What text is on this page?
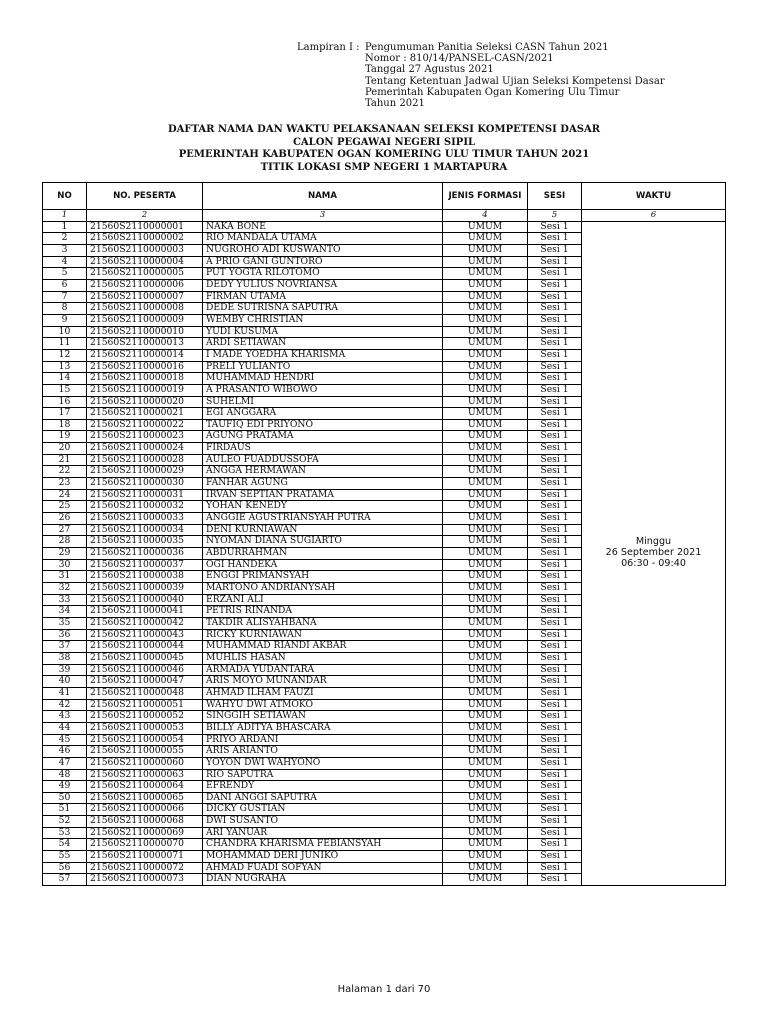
Lampiran I : Pengumuman Panitia Seleksi CASN Tahun 2021
Nomor : 810/14/PANSEL-CASN/2021
Tanggal 27 Agustus 2021
Tentang Ketentuan Jadwal Ujian Seleksi Kompetensi Dasar
Pemerintah Kabupaten Ogan Komering Ulu Timur
Tahun 2021
DAFTAR NAMA DAN WAKTU PELAKSANAAN SELEKSI KOMPETENSI DASAR
CALON PEGAWAI NEGERI SIPIL
PEMERINTAH KABUPATEN OGAN KOMERING ULU TIMUR TAHUN 2021
TITIK LOKASI SMP NEGERI 1 MARTAPURA
NO	NO. PESERTA	NAMA	JENIS FORMASI	SESI	WAKTU
1	2	3	4	5	6
1	21560S2110000001	NAKA BONE	UMUM	Sesi 1	Minggu
26 September 2021
06:30 - 09:40

2	21560S2110000002	RIO MANDALA UTAMA	UMUM	Sesi 1	
3	21560S2110000003	NUGROHO ADI KUSWANTO	UMUM	Sesi 1	
4	21560S2110000004	A PRIO GANI GUNTORO	UMUM	Sesi 1	
5	21560S2110000005	PUT YOGTA RILOTOMO	UMUM	Sesi 1	
6	21560S2110000006	DEDY YULIUS NOVRIANSA	UMUM	Sesi 1	
7	21560S2110000007	FIRMAN UTAMA	UMUM	Sesi 1	
8	21560S2110000008	DEDE SUTRISNA SAPUTRA	UMUM	Sesi 1	
9	21560S2110000009	WEMBY CHRISTIAN	UMUM	Sesi 1	
10	21560S2110000010	YUDI KUSUMA	UMUM	Sesi 1	
11	21560S2110000013	ARDI SETIAWAN	UMUM	Sesi 1	
12	21560S2110000014	I MADE YOEDHA KHARISMA	UMUM	Sesi 1	
13	21560S2110000016	PRELI YULIANTO	UMUM	Sesi 1	
14	21560S2110000018	MUHAMMAD HENDRI	UMUM	Sesi 1	
15	21560S2110000019	A PRASANTO WIBOWO	UMUM	Sesi 1	
16	21560S2110000020	SUHELMI	UMUM	Sesi 1	
17	21560S2110000021	EGI ANGGARA	UMUM	Sesi 1	
18	21560S2110000022	TAUFIQ EDI PRIYONO	UMUM	Sesi 1	
19	21560S2110000023	AGUNG PRATAMA	UMUM	Sesi 1	
20	21560S2110000024	FIRDAUS	UMUM	Sesi 1	
21	21560S2110000028	AULEO FUADDUSSOFA	UMUM	Sesi 1	
22	21560S2110000029	ANGGA HERMAWAN	UMUM	Sesi 1	
23	21560S2110000030	FANHAR AGUNG	UMUM	Sesi 1	
24	21560S2110000031	IRVAN SEPTIAN PRATAMA	UMUM	Sesi 1	
25	21560S2110000032	YOHAN KENEDY	UMUM	Sesi 1	
26	21560S2110000033	ANGGIE AGUSTRIANSYAH PUTRA	UMUM	Sesi 1	
27	21560S2110000034	DENI KURNIAWAN	UMUM	Sesi 1	
28	21560S2110000035	NYOMAN DIANA SUGIARTO	UMUM	Sesi 1	
29	21560S2110000036	ABDURRAHMAN	UMUM	Sesi 1	
30	21560S2110000037	OGI HANDEKA	UMUM	Sesi 1	
31	21560S2110000038	ENGGI PRIMANSYAH	UMUM	Sesi 1	
32	21560S2110000039	MARTONO ANDRIANYSAH	UMUM	Sesi 1	
33	21560S2110000040	ERZANI ALI	UMUM	Sesi 1	
34	21560S2110000041	PETRIS RINANDA	UMUM	Sesi 1	
35	21560S2110000042	TAKDIR ALISYAHBANA	UMUM	Sesi 1	
36	21560S2110000043	RICKY KURNIAWAN	UMUM	Sesi 1	
37	21560S2110000044	MUHAMMAD RIANDI AKBAR	UMUM	Sesi 1	
38	21560S2110000045	MUHLIS HASAN	UMUM	Sesi 1	
39	21560S2110000046	ARMADA YUDANTARA	UMUM	Sesi 1	
40	21560S2110000047	ARIS MOYO MUNANDAR	UMUM	Sesi 1	
41	21560S2110000048	AHMAD ILHAM FAUZI	UMUM	Sesi 1	
42	21560S2110000051	WAHYU DWI ATMOKO	UMUM	Sesi 1	
43	21560S2110000052	SINGGIH SETIAWAN	UMUM	Sesi 1	
44	21560S2110000053	BILLY ADITYA BHASCARA	UMUM	Sesi 1	
45	21560S2110000054	PRIYO ARDANI	UMUM	Sesi 1	
46	21560S2110000055	ARIS ARIANTO	UMUM	Sesi 1	
47	21560S2110000060	YOYON DWI WAHYONO	UMUM	Sesi 1	
48	21560S2110000063	RIO SAPUTRA	UMUM	Sesi 1	
49	21560S2110000064	EFRENDY	UMUM	Sesi 1	
50	21560S2110000065	DANI ANGGI SAPUTRA	UMUM	Sesi 1	
51	21560S2110000066	DICKY GUSTIAN	UMUM	Sesi 1	
52	21560S2110000068	DWI SUSANTO	UMUM	Sesi 1	
53	21560S2110000069	ARI YANUAR	UMUM	Sesi 1	
54	21560S2110000070	CHANDRA KHARISMA FEBIANSYAH	UMUM	Sesi 1	
55	21560S2110000071	MOHAMMAD DERI JUNIKO	UMUM	Sesi 1	
56	21560S2110000072	AHMAD FUADI SOFYAN	UMUM	Sesi 1	
57	21560S2110000073	DIAN NUGRAHA	UMUM	Sesi 1	
Halaman 1 dari 70
